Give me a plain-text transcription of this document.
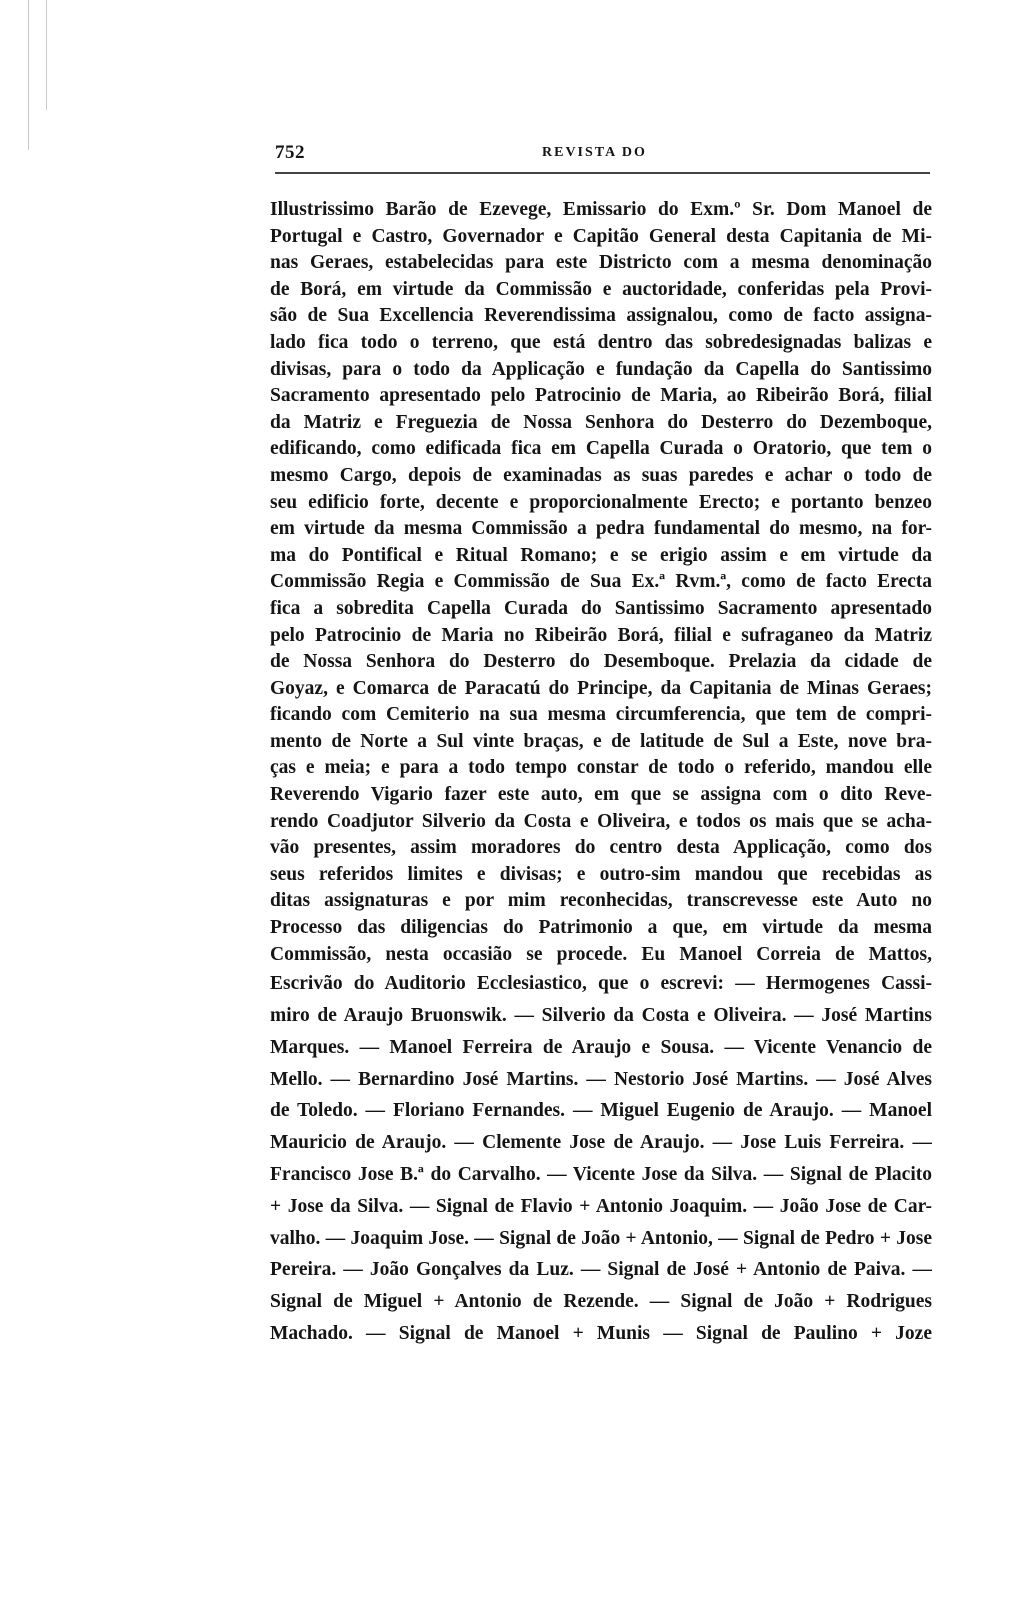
752	REVISTA DO
Illustrissimo Barão de Ezevege, Emissario do Exm.º Sr. Dom Manoel de
Portugal e Castro, Governador e Capitão General desta Capitania de Mi-
nas Geraes, estabelecidas para este Districto com a mesma denominação
de Borá, em virtude da Commissão e auctoridade, conferidas pela Provi-
são de Sua Excellencia Reverendissima assignalou, como de facto assigna-
lado fica todo o terreno, que está dentro das sobredesignadas balizas e
divisas, para o todo da Applicação e fundação da Capella do Santissimo
Sacramento apresentado pelo Patrocinio de Maria, ao Ribeirão Borá, filial
da Matriz e Freguezia de Nossa Senhora do Desterro do Dezemboque,
edificando, como edificada fica em Capella Curada o Oratorio, que tem o
mesmo Cargo, depois de examinadas as suas paredes e achar o todo de
seu edificio forte, decente e proporcionalmente Erecto; e portanto benzeo
em virtude da mesma Commissão a pedra fundamental do mesmo, na for-
ma do Pontifical e Ritual Romano; e se erigio assim e em virtude da
Commissão Regia e Commissão de Sua Ex.ª Rvm.ª, como de facto Erecta
fica a sobredita Capella Curada do Santissimo Sacramento apresentado
pelo Patrocinio de Maria no Ribeirão Borá, filial e sufraganeo da Matriz
de Nossa Senhora do Desterro do Desemboque. Prelazia da cidade de
Goyaz, e Comarca de Paracatú do Principe, da Capitania de Minas Geraes;
ficando com Cemiterio na sua mesma circumferencia, que tem de compri-
mento de Norte a Sul vinte braças, e de latitude de Sul a Este, nove bra-
ças e meia; e para a todo tempo constar de todo o referido, mandou elle
Reverendo Vigario fazer este auto, em que se assigna com o dito Reve-
rendo Coadjutor Silverio da Costa e Oliveira, e todos os mais que se acha-
vão presentes, assim moradores do centro desta Applicação, como dos
seus referidos limites e divisas; e outro-sim mandou que recebidas as
ditas assignaturas e por mim reconhecidas, transcrevesse este Auto no
Processo das diligencias do Patrimonio a que, em virtude da mesma
Commissão, nesta occasião se procede. Eu Manoel Correia de Mattos,
Escrivão do Auditorio Ecclesiastico, que o escrevi: — Hermogenes Cassi-
miro de Araujo Bruonswik. — Silverio da Costa e Oliveira. — José Martins
Marques. — Manoel Ferreira de Araujo e Sousa. — Vicente Venancio de
Mello. — Bernardino José Martins. — Nestorio José Martins. — José Alves
de Toledo. — Floriano Fernandes. — Miguel Eugenio de Araujo. — Manoel
Mauricio de Araujo. — Clemente Jose de Araujo. — Jose Luis Ferreira. —
Francisco Jose B.ª do Carvalho. — Vicente Jose da Silva. — Signal de Placito
+ Jose da Silva. — Signal de Flavio + Antonio Joaquim. — João Jose de Car-
valho. — Joaquim Jose. — Signal de João + Antonio, — Signal de Pedro + Jose
Pereira. — João Gonçalves da Luz. — Signal de José + Antonio de Paiva. —
Signal de Miguel + Antonio de Rezende. — Signal de João + Rodrigues
Machado. — Signal de Manoel + Munis — Signal de Paulino + Joze
